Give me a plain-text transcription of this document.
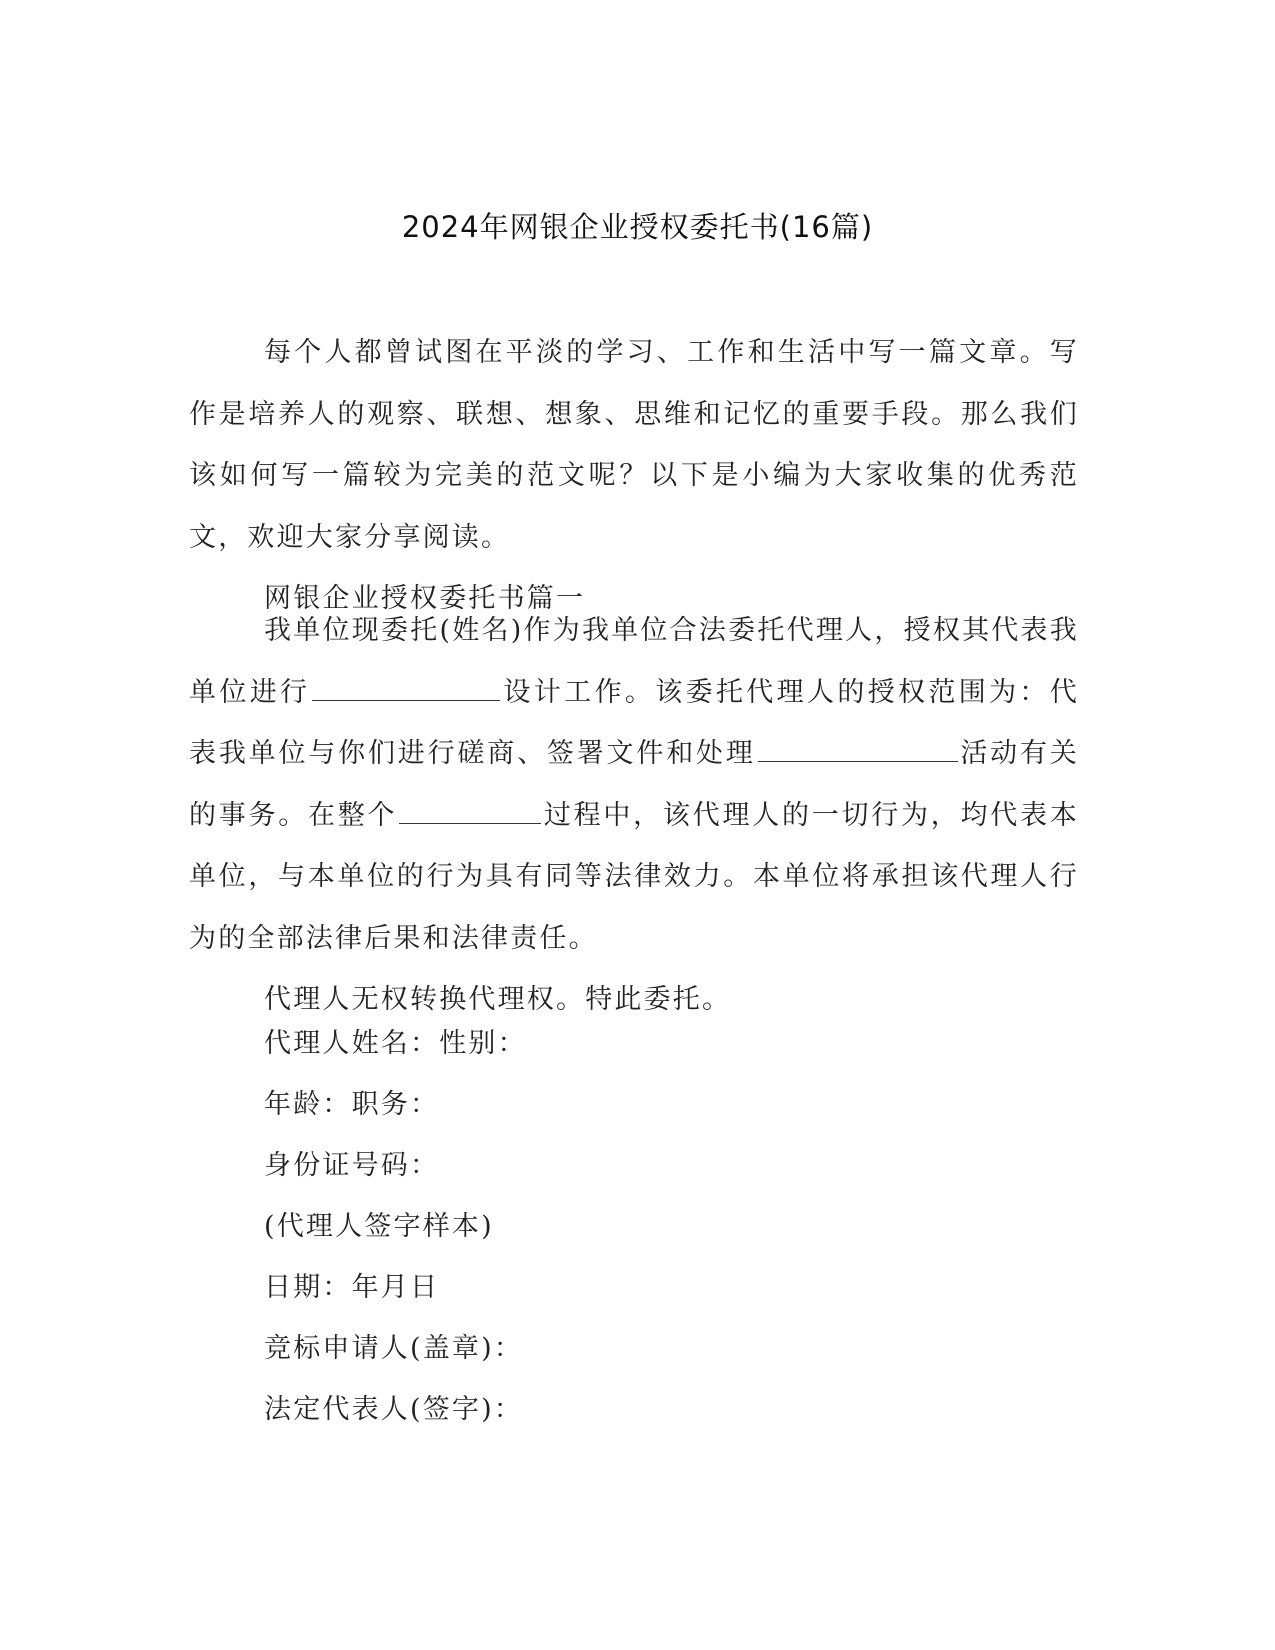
2024年网银企业授权委托书(16篇)

每个人都曾试图在平淡的学习、工作和生活中写一篇文章。写作是培养人的观察、联想、想象、思维和记忆的重要手段。那么我们该如何写一篇较为完美的范文呢？以下是小编为大家收集的优秀范文，欢迎大家分享阅读。

网银企业授权委托书篇一

我单位现委托(姓名)作为我单位合法委托代理人，授权其代表我单位进行	设计工作。该委托代理人的授权范围为：代表我单位与你们进行磋商、签署文件和处理	活动有关的事务。在整个	过程中，该代理人的一切行为，均代表本单位，与本单位的行为具有同等法律效力。本单位将承担该代理人行为的全部法律后果和法律责任。

代理人无权转换代理权。特此委托。

代理人姓名：性别：

年龄：职务：

身份证号码：

(代理人签字样本)

日期：年月日

竞标申请人(盖章)：

法定代表人(签字)：
